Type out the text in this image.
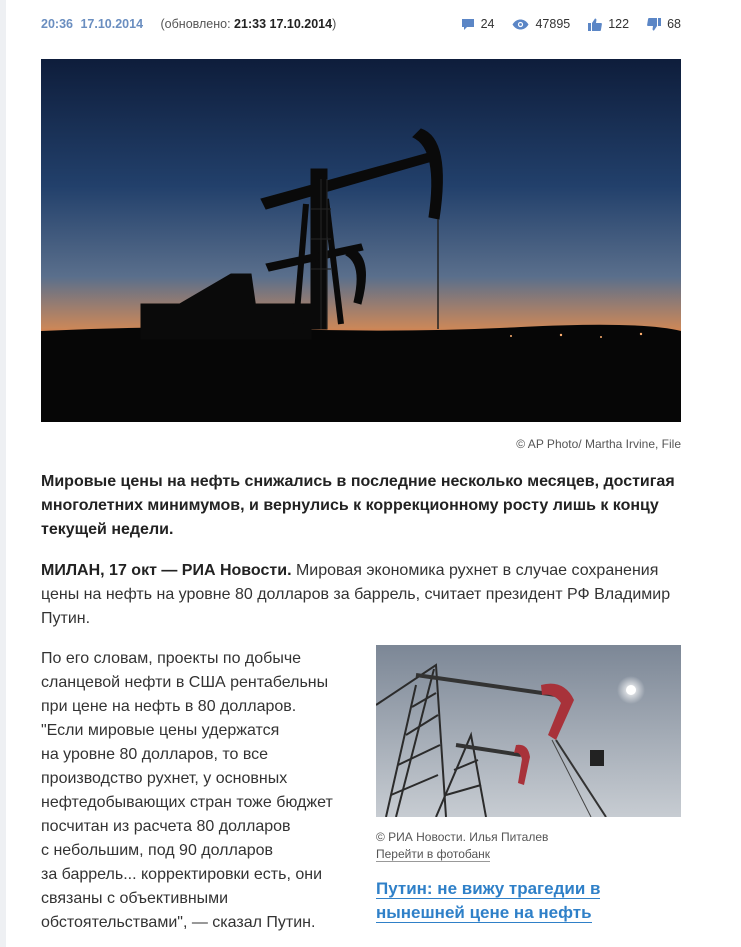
20:36 17.10.2014 (обновлено: 21:33 17.10.2014)	24	47895	122	68
© AP Photo/ Martha Irvine, File

Мировые цены на нефть снижались в последние несколько месяцев, достигая многолетних минимумов, и вернулись к коррекционному росту лишь к концу текущей недели.

МИЛАН, 17 окт — РИА Новости. Мировая экономика рухнет в случае сохранения цены на нефть на уровне 80 долларов за баррель, считает президент РФ Владимир Путин.

По его словам, проекты по добыче
сланцевой нефти в США рентабельны
при цене на нефть в 80 долларов.
"Если мировые цены удержатся
на уровне 80 долларов, то все
производство рухнет, у основных
нефтедобывающих стран тоже бюджет
посчитан из расчета 80 долларов
с небольшим, под 90 долларов
за баррель... корректировки есть, они
связаны с объективными
обстоятельствами", — сказал Путин.
© РИА Новости. Илья Питалев
Перейти в фотобанк
Путин: не вижу трагедии в нынешней цене на нефть
